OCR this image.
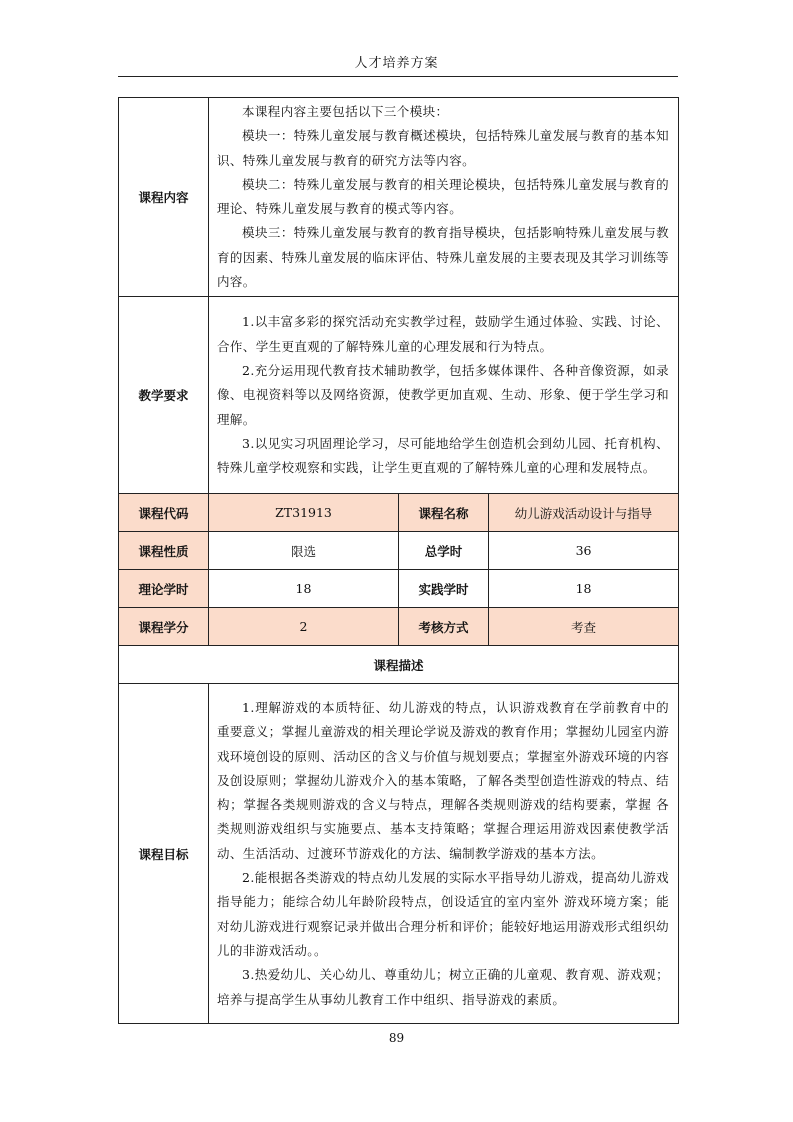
人才培养方案
课程内容	本课程内容主要包括以下三个模块：

模块一：特殊儿童发展与教育概述模块，包括特殊儿童发展与教育的基本知识、特殊儿童发展与教育的研究方法等内容。

模块二：特殊儿童发展与教育的相关理论模块，包括特殊儿童发展与教育的理论、特殊儿童发展与教育的模式等内容。

模块三：特殊儿童发展与教育的教育指导模块，包括影响特殊儿童发展与教育的因素、特殊儿童发展的临床评估、特殊儿童发展的主要表现及其学习训练等内容。		

教学要求	1.以丰富多彩的探究活动充实教学过程，鼓励学生通过体验、实践、讨论、合作、学生更直观的了解特殊儿童的心理发展和行为特点。

2.充分运用现代教育技术辅助教学，包括多媒体课件、各种音像资源，如录像、电视资料等以及网络资源，使教学更加直观、生动、形象、便于学生学习和理解。

3.以见实习巩固理论学习，尽可能地给学生创造机会到幼儿园、托育机构、特殊儿童学校观察和实践，让学生更直观的了解特殊儿童的心理和发展特点。		

课程代码	ZT31913	课程名称	幼儿游戏活动设计与指导
课程性质	限选	总学时	36
理论学时	18	实践学时	18
课程学分	2	考核方式	考查
课程描述			
课程目标	1.理解游戏的本质特征、幼儿游戏的特点，认识游戏教育在学前教育中的 重要意义；掌握儿童游戏的相关理论学说及游戏的教育作用；掌握幼儿园室内游戏环境创设的原则、活动区的含义与价值与规划要点；掌握室外游戏环境的内容及创设原则；掌握幼儿游戏介入的基本策略，了解各类型创造性游戏的特点、结构；掌握各类规则游戏的含义与特点，理解各类规则游戏的结构要素，掌握 各类规则游戏组织与实施要点、基本支持策略；掌握合理运用游戏因素使教学活动、生活活动、过渡环节游戏化的方法、编制教学游戏的基本方法。

2.能根据各类游戏的特点幼儿发展的实际水平指导幼儿游戏，提高幼儿游戏指导能力；能综合幼儿年龄阶段特点，创设适宜的室内室外 游戏环境方案；能对幼儿游戏进行观察记录并做出合理分析和评价；能较好地运用游戏形式组织幼儿的非游戏活动。。

3.热爱幼儿、关心幼儿、尊重幼儿；树立正确的儿童观、教育观、游戏观；培养与提高学生从事幼儿教育工作中组织、指导游戏的素质。		

89
